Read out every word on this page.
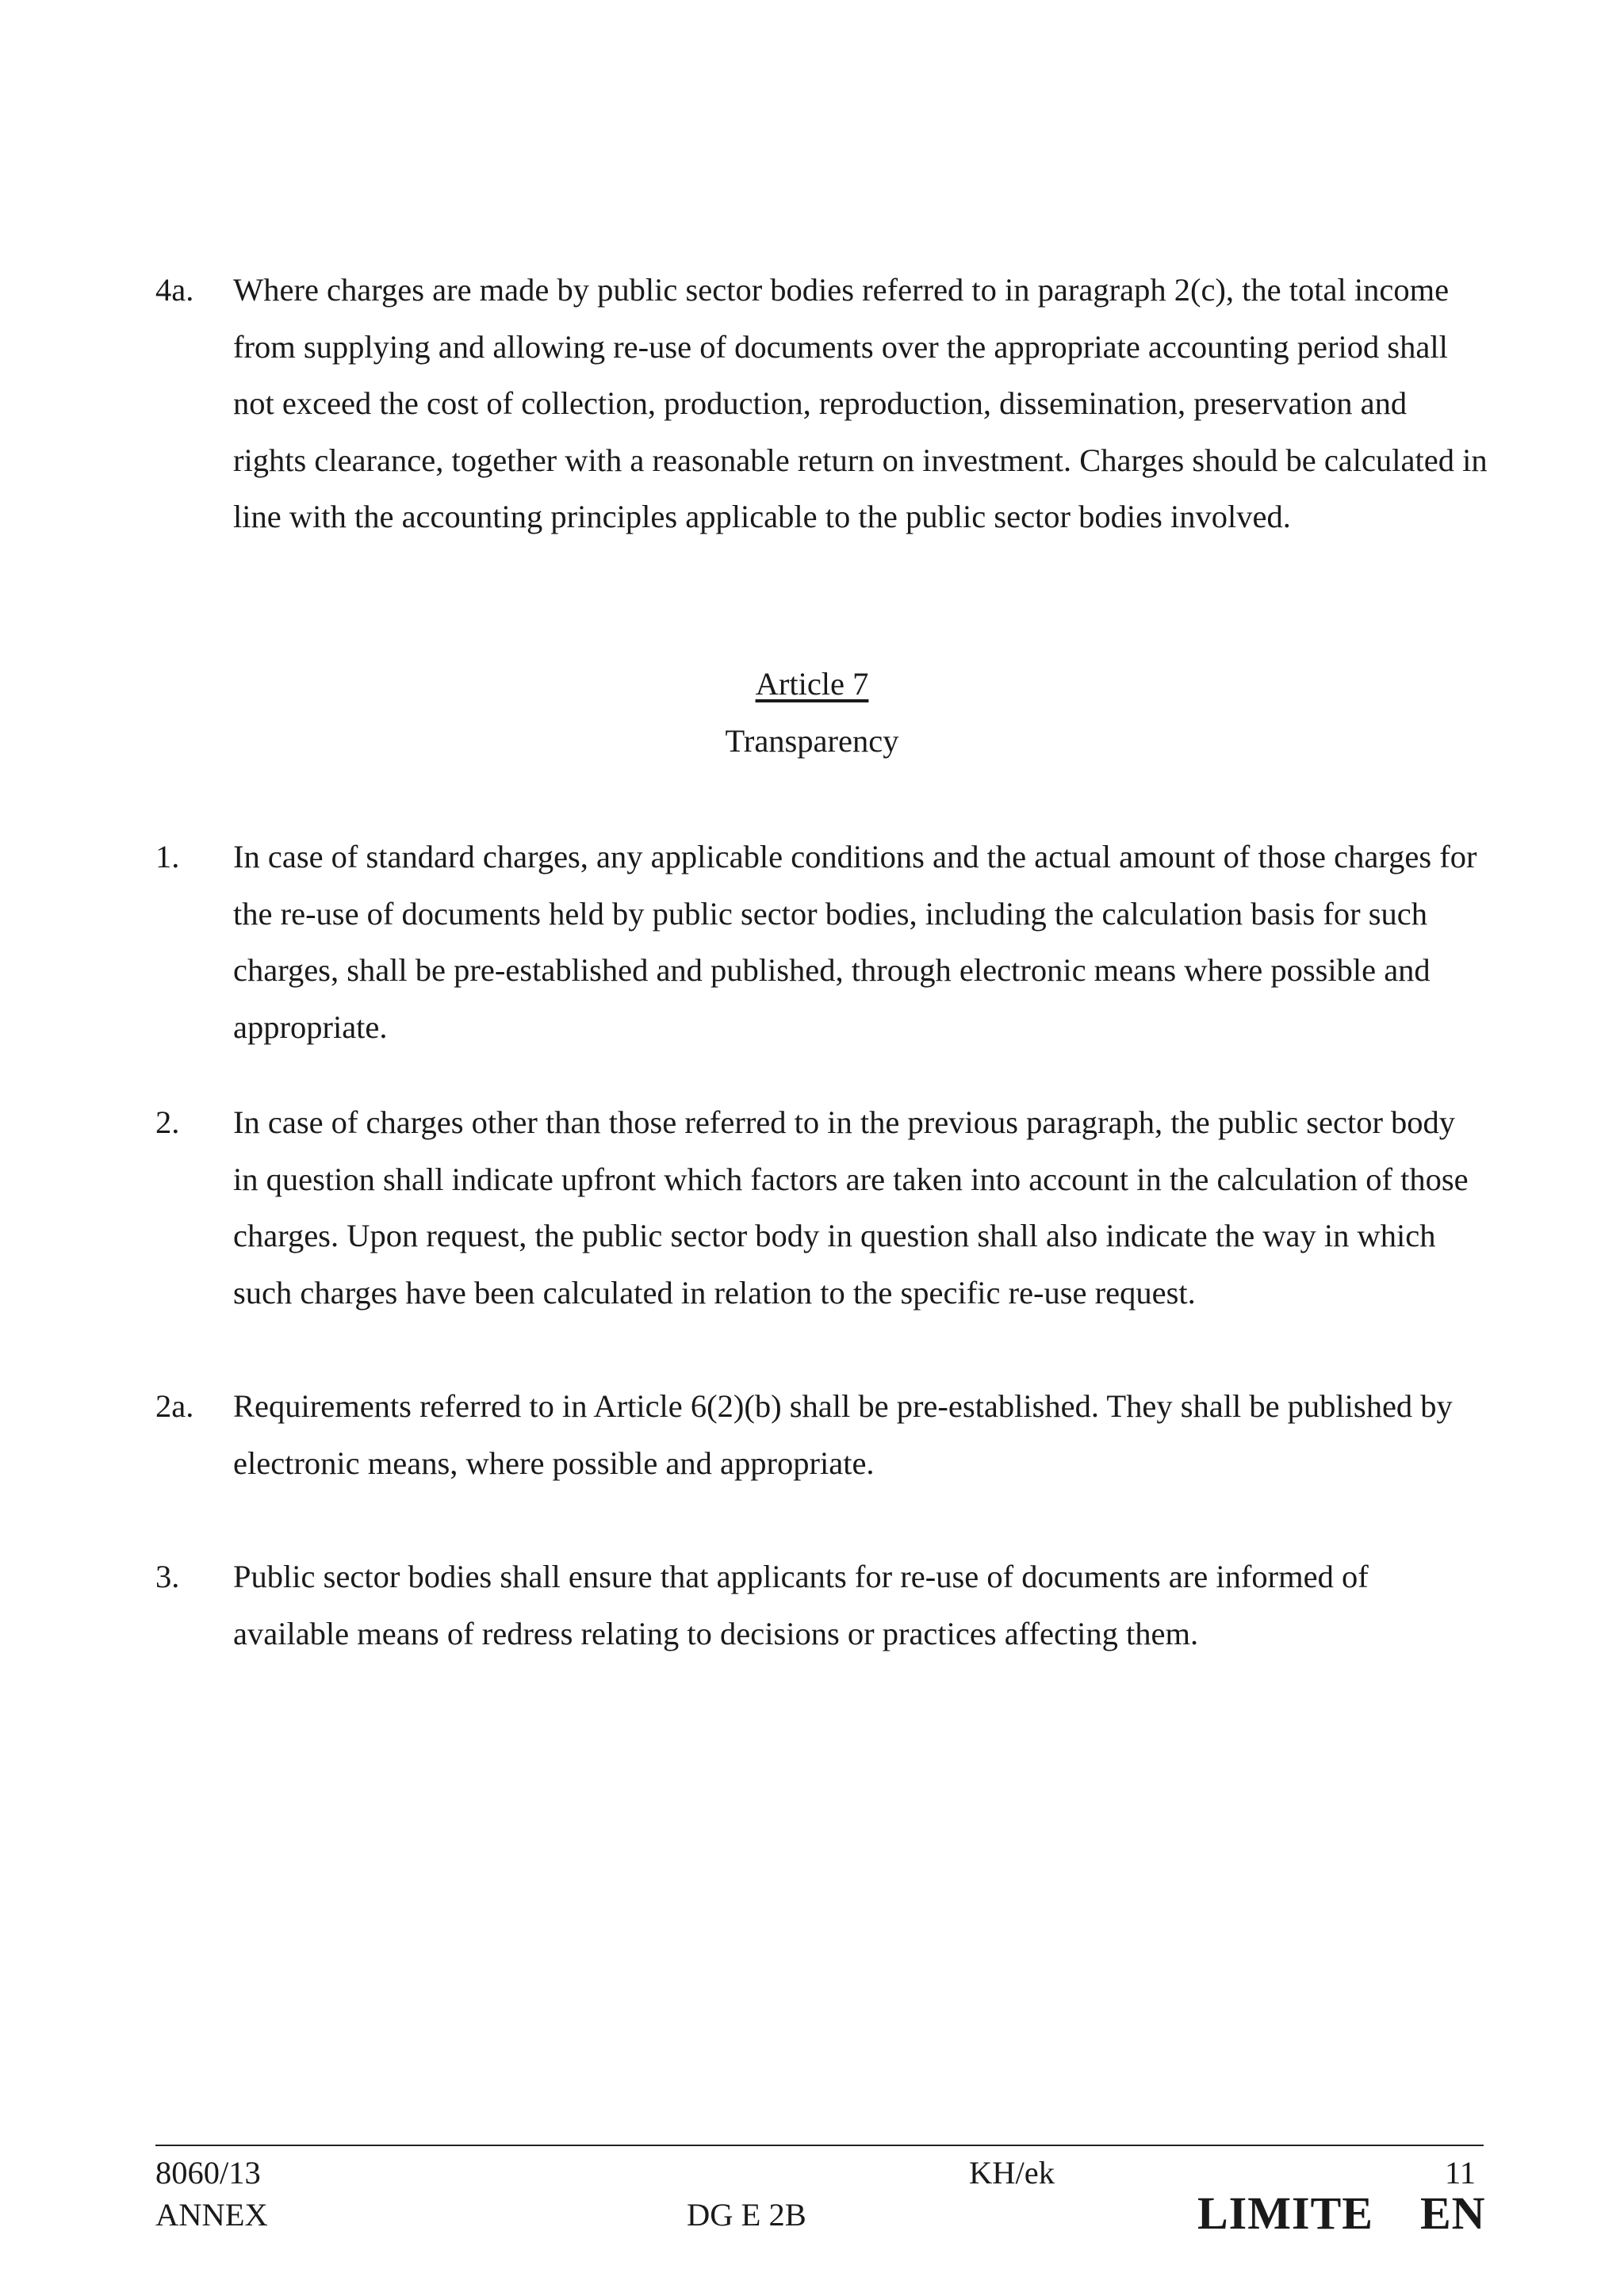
4a. Where charges are made by public sector bodies referred to in paragraph 2(c), the total income from supplying and allowing re-use of documents over the appropriate accounting period shall not exceed the cost of collection, production, reproduction, dissemination, preservation and rights clearance, together with a reasonable return on investment. Charges should be calculated in line with the accounting principles applicable to the public sector bodies involved.
Article 7
Transparency
1. In case of standard charges, any applicable conditions and the actual amount of those charges for the re-use of documents held by public sector bodies, including the calculation basis for such charges, shall be pre-established and published, through electronic means where possible and appropriate.
2. In case of charges other than those referred to in the previous paragraph, the public sector body in question shall indicate upfront which factors are taken into account in the calculation of those charges. Upon request, the public sector body in question shall also indicate the way in which such charges have been calculated in relation to the specific re-use request.
2a. Requirements referred to in Article 6(2)(b) shall be pre-established. They shall be published by electronic means, where possible and appropriate.
3. Public sector bodies shall ensure that applicants for re-use of documents are informed of available means of redress relating to decisions or practices affecting them.
8060/13
ANNEX
KH/ek
DG E 2B
11
LIMITE EN
